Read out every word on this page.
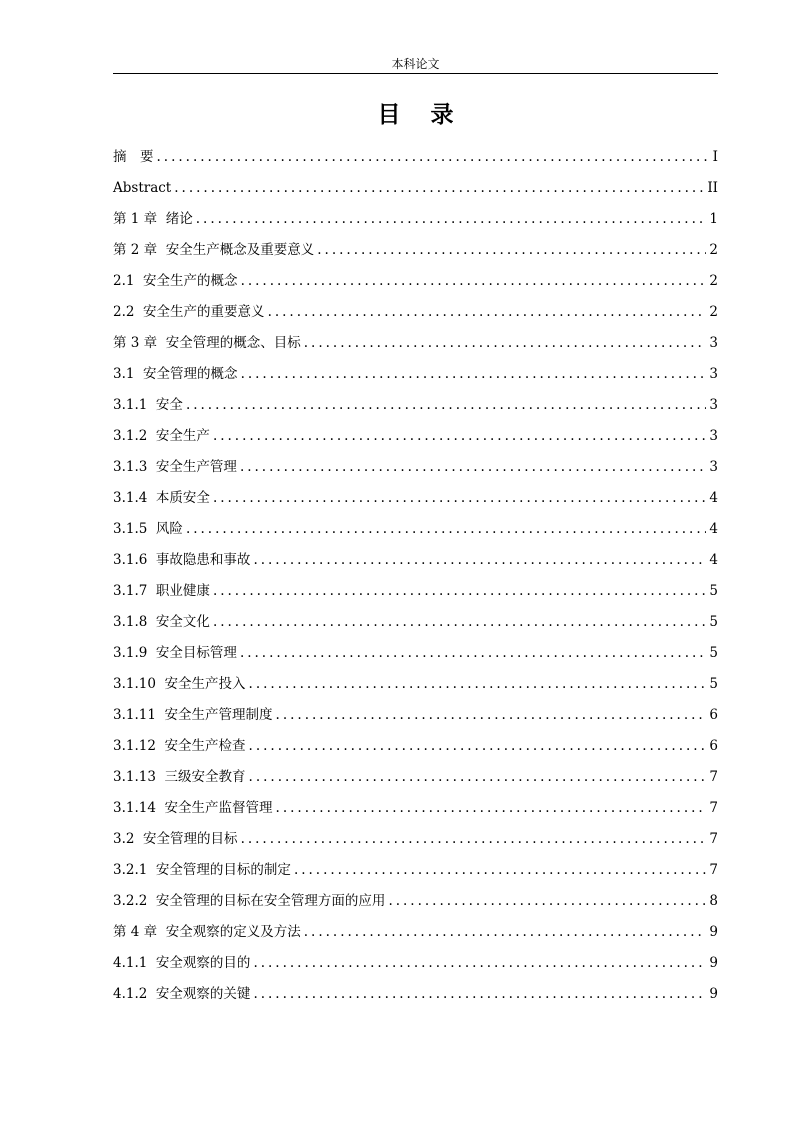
本科论文
目录
摘　要 .....	I
Abstract .....	II
第 1 章  绪论 .....	1
第 2 章  安全生产概念及重要意义 .....	2
2.1  安全生产的概念 .....	2
2.2  安全生产的重要意义 .....	2
第 3 章  安全管理的概念、目标 .....	3
3.1  安全管理的概念 .....	3
3.1.1  安全 .....	3
3.1.2  安全生产 .....	3
3.1.3  安全生产管理 .....	3
3.1.4  本质安全 .....	4
3.1.5  风险 .....	4
3.1.6  事故隐患和事故 .....	4
3.1.7  职业健康 .....	5
3.1.8  安全文化 .....	5
3.1.9  安全目标管理 .....	5
3.1.10  安全生产投入 .....	5
3.1.11  安全生产管理制度 .....	6
3.1.12  安全生产检查 .....	6
3.1.13  三级安全教育 .....	7
3.1.14  安全生产监督管理 .....	7
3.2  安全管理的目标 .....	7
3.2.1  安全管理的目标的制定 .....	7
3.2.2  安全管理的目标在安全管理方面的应用 .....	8
第 4 章  安全观察的定义及方法 .....	9
4.1.1  安全观察的目的 .....	9
4.1.2  安全观察的关键 .....	9
